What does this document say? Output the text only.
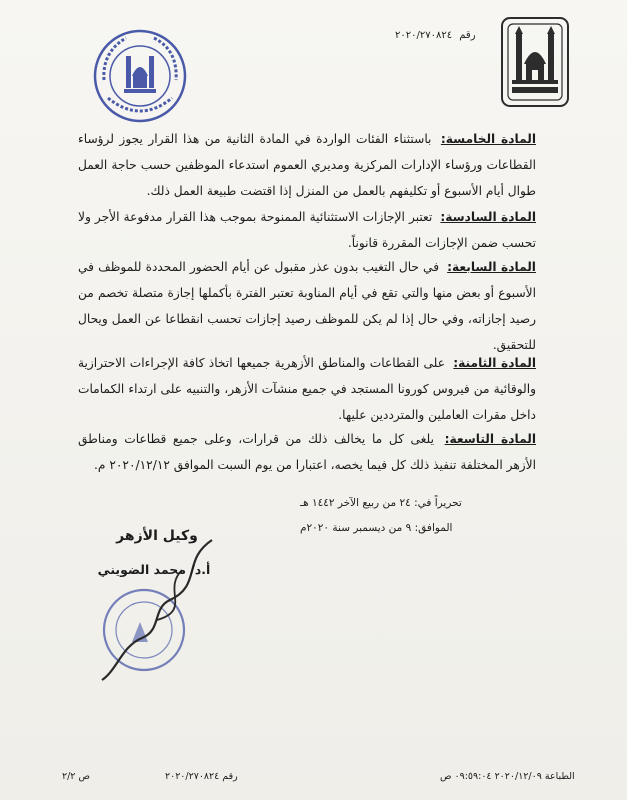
رقم ٢٠٢٠/٢٧٠٨٢٤
المادة الخامسة: باستثناء الفئات الواردة في المادة الثانية من هذا القرار يجوز لرؤساء القطاعات ورؤساء الإدارات المركزية ومديري العموم استدعاء الموظفين حسب حاجة العمل طوال أيام الأسبوع أو تكليفهم بالعمل من المنزل إذا اقتضت طبيعة العمل ذلك.
المادة السادسة: تعتبر الإجازات الاستثنائية الممنوحة بموجب هذا القرار مدفوعة الأجر ولا تحسب ضمن الإجازات المقررة قانوناً.
المادة السابعة: في حال التغيب بدون عذر مقبول عن أيام الحضور المحددة للموظف في الأسبوع أو بعض منها والتي تقع في أيام المناوبة تعتبر الفترة بأكملها إجازة متصلة تخصم من رصيد إجازاته، وفي حال إذا لم يكن للموظف رصيد إجازات تحسب انقطاعا عن العمل ويحال للتحقيق.
المادة الثامنة: على القطاعات والمناطق الأزهرية جميعها اتخاذ كافة الإجراءات الاحترازية والوقائية من فيروس كورونا المستجد في جميع منشآت الأزهر، والتنبيه على ارتداء الكمامات داخل مقرات العاملين والمترددين عليها.
المادة التاسعة: يلغى كل ما يخالف ذلك من قرارات، وعلى جميع قطاعات ومناطق الأزهر المختلفة تنفيذ ذلك كل فيما يخصه، اعتبارا من يوم السبت الموافق ٢٠٢٠/١٢/١٢ م.
تحريراً في: ٢٤ من ربيع الآخر ١٤٤٢ هـ
الموافق: ٩ من ديسمبر سنة ٢٠٢٠م
وكيل الأزهر
أ.د/ محمد الضويني
الطباعة ٢٠٢٠/١٢/٠٩ ٠٩:٥٩:٠٤ ص
رقم ٢٠٢٠/٢٧٠٨٢٤
ص ٢/٢
